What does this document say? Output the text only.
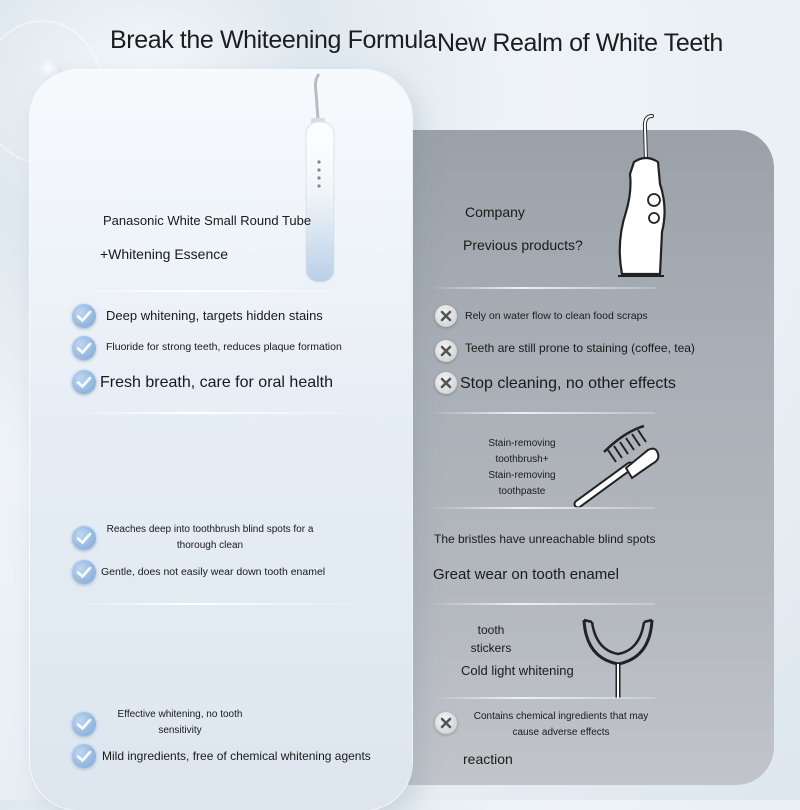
Break the Whiteening Formula New Realm of White Teeth
Panasonic White Small Round Tube
+Whitening Essence
Deep whitening, targets hidden stains
Fluoride for strong teeth, reduces plaque formation
Fresh breath, care for oral health
Reaches deep into toothbrush blind spots for a
thorough clean
Gentle, does not easily wear down tooth enamel
Effective whitening, no tooth
sensitivity
Mild ingredients, free of chemical whitening agents
Company
Previous products?
Rely on water flow to clean food scraps
Teeth are still prone to staining (coffee, tea)
Stop cleaning, no other effects
Stain-removing
toothbrush+
Stain-removing
toothpaste
The bristles have unreachable blind spots
Great wear on tooth enamel
tooth
stickers
Cold light whitening
Contains chemical ingredients that may
cause adverse effects
reaction
